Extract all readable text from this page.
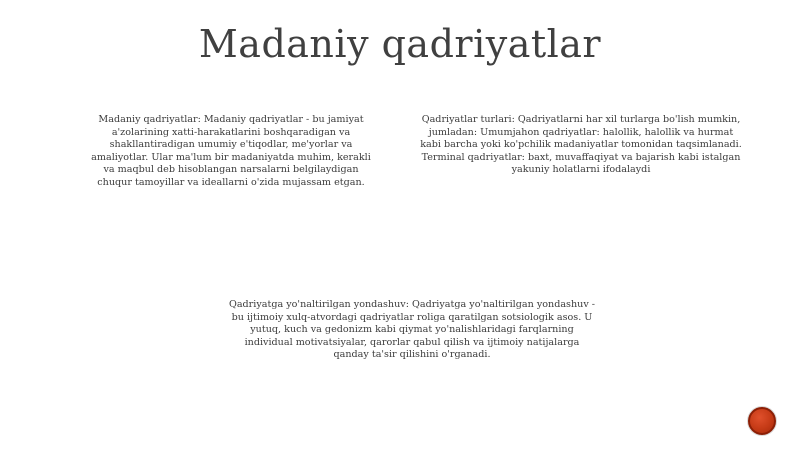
Madaniy qadriyatlar

Madaniy qadriyatlar: Madaniy qadriyatlar - bu jamiyat a'zolarining xatti-harakatlarini boshqaradigan va shakllantiradigan umumiy e'tiqodlar, me'yorlar va amaliyotlar. Ular ma'lum bir madaniyatda muhim, kerakli va maqbul deb hisoblangan narsalarni belgilaydigan chuqur tamoyillar va ideallarni o'zida mujassam etgan.

Qadriyatlar turlari: Qadriyatlarni har xil turlarga bo'lish mumkin, jumladan: Umumjahon qadriyatlar: halollik, halollik va hurmat kabi barcha yoki ko'pchilik madaniyatlar tomonidan taqsimlanadi. Terminal qadriyatlar: baxt, muvaffaqiyat va bajarish kabi istalgan yakuniy holatlarni ifodalaydi

Qadriyatga yo'naltirilgan yondashuv: Qadriyatga yo'naltirilgan yondashuv - bu ijtimoiy xulq-atvordagi qadriyatlar roliga qaratilgan sotsiologik asos. U yutuq, kuch va gedonizm kabi qiymat yo'nalishlaridagi farqlarning individual motivatsiyalar, qarorlar qabul qilish va ijtimoiy natijalarga qanday ta'sir qilishini o'rganadi.
